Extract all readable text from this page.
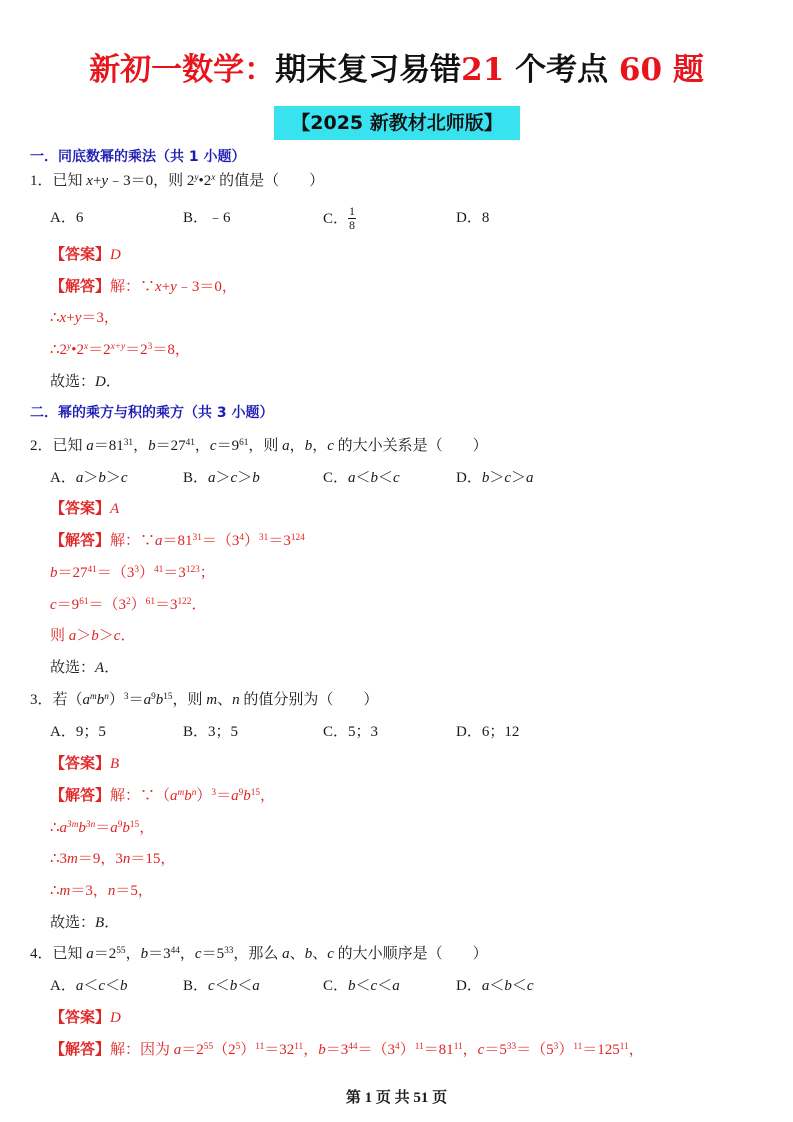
新初一数学：期末复习易错21 个考点 60 题
【2025 新教材北师版】
一．同底数幂的乘法（共 1 小题）
1．已知 x+y﹣3＝0，则 2$^y$•2$^x$ 的值是（　　）
A．6	B．﹣6	C． $\frac{1}{8}$	D．8
【答案】D
【解答】解：∵x+y﹣3＝0，
∴x+y＝3，
$\therefore 2^y•2^x=2^{x+y}=2^3=8$，
故选：D．
二．幂的乘方与积的乘方（共 3 小题）
2．已知 $a=81^{31}$，$b=27^{41}$，$c=9^{61}$，则 a，b，c 的大小关系是（　　）
A．a＞b＞c	B．a＞c＞b	C．a＜b＜c	D．b＞c＞a
【答案】A
【解答】解：$\because a=81^{31}=(3^4)^{31}=3^{124}$
$b=27^{41}=(3^3)^{41}=3^{123}$；
$c=9^{61}=(3^2)^{61}=3^{122}$．
则 a＞b＞c．
故选：A．
3．若$(a^mb^n)^3=a^9b^{15}$，则 m、n 的值分别为（　　）
A．9；5	B．3；5	C．5；3	D．6；12
【答案】B
【解答】解：$\because(a^mb^n)^3=a^9b^{15}$，
$\therefore a^{3m}b^{3n}=a^9b^{15}$，
∴3m＝9，3n＝15，
∴m＝3，n＝5，
故选：B．
4．已知 $a=2^{55}$，$b=3^{44}$，$c=5^{33}$，那么 a、b、c 的大小顺序是（　　）
A．a＜c＜b	B．c＜b＜a	C．b＜c＜a	D．a＜b＜c
【答案】D
【解答】解：因为 $a=2^{55}(2^5)^{11}=32^{11}$，$b=3^{44}=(3^4)^{11}=81^{11}$，$c=5^{33}=(5^3)^{11}=125^{11}$，
第 1 页 共 51 页
